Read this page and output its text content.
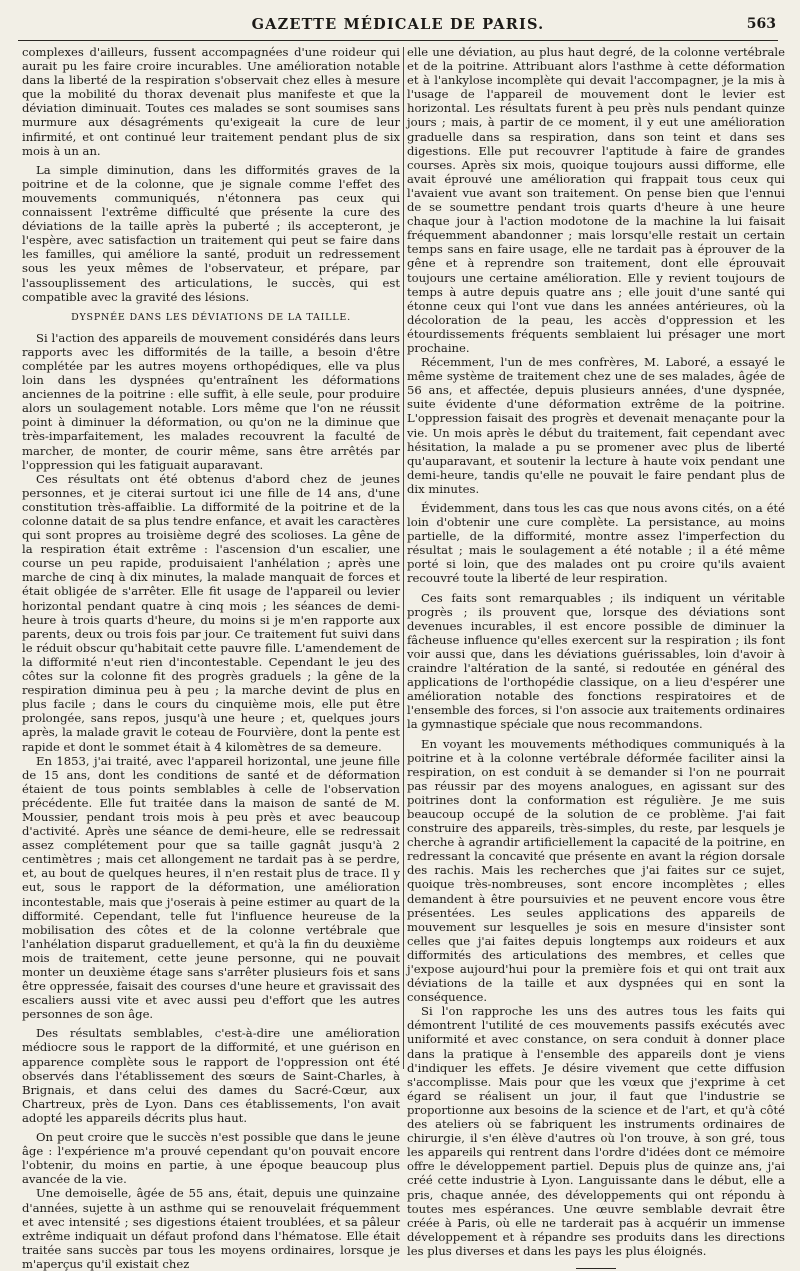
GAZETTE MÉDICALE DE PARIS.	563

complexes d'ailleurs, fussent accompagnées d'une roideur qui aurait pu les faire croire incurables. Une amélioration notable dans la liberté de la respiration s'observait chez elles à mesure que la mobilité du thorax devenait plus manifeste et que la déviation diminuait. Toutes ces malades se sont soumises sans murmure aux désagréments qu'exigeait la cure de leur infirmité, et ont continué leur traitement pendant plus de six mois à un an.

La simple diminution, dans les difformités graves de la poitrine et de la colonne, que je signale comme l'effet des mouvements communiqués, n'étonnera pas ceux qui connaissent l'extrême difficulté que présente la cure des déviations de la taille après la puberté ; ils accepteront, je l'espère, avec satisfaction un traitement qui peut se faire dans les familles, qui améliore la santé, produit un redressement sous les yeux mêmes de l'observateur, et prépare, par l'assouplissement des articulations, le succès, qui est compatible avec la gravité des lésions.

DYSPNÉE DANS LES DÉVIATIONS DE LA TAILLE.

Si l'action des appareils de mouvement considérés dans leurs rapports avec les difformités de la taille, a besoin d'être complétée par les autres moyens orthopédiques, elle va plus loin dans les dyspnées qu'entraînent les déformations anciennes de la poitrine : elle suffit, à elle seule, pour produire alors un soulagement notable. Lors même que l'on ne réussit point à diminuer la déformation, ou qu'on ne la diminue que très-imparfaitement, les malades recouvrent la faculté de marcher, de monter, de courir même, sans être arrêtés par l'oppression qui les fatiguait auparavant.

Ces résultats ont été obtenus d'abord chez de jeunes personnes, et je citerai surtout ici une fille de 14 ans, d'une constitution très-affaiblie. La difformité de la poitrine et de la colonne datait de sa plus tendre enfance, et avait les caractères qui sont propres au troisième degré des scolioses. La gêne de la respiration était extrême : l'ascension d'un escalier, une course un peu rapide, produisaient l'anhélation ; après une marche de cinq à dix minutes, la malade manquait de forces et était obligée de s'arrêter. Elle fit usage de l'appareil ou levier horizontal pendant quatre à cinq mois ; les séances de demi-heure à trois quarts d'heure, du moins si je m'en rapporte aux parents, deux ou trois fois par jour. Ce traitement fut suivi dans le réduit obscur qu'habitait cette pauvre fille. L'amendement de la difformité n'eut rien d'incontestable. Cependant le jeu des côtes sur la colonne fit des progrès graduels ; la gêne de la respiration diminua peu à peu ; la marche devint de plus en plus facile ; dans le cours du cinquième mois, elle put être prolongée, sans repos, jusqu'à une heure ; et, quelques jours après, la malade gravit le coteau de Fourvière, dont la pente est rapide et dont le sommet était à 4 kilomètres de sa demeure.

En 1853, j'ai traité, avec l'appareil horizontal, une jeune fille de 15 ans, dont les conditions de santé et de déformation étaient de tous points semblables à celle de l'observation précédente. Elle fut traitée dans la maison de santé de M. Moussier, pendant trois mois à peu près et avec beaucoup d'activité. Après une séance de demi-heure, elle se redressait assez complétement pour que sa taille gagnât jusqu'à 2 centimètres ; mais cet allongement ne tardait pas à se perdre, et, au bout de quelques heures, il n'en restait plus de trace. Il y eut, sous le rapport de la déformation, une amélioration incontestable, mais que j'oserais à peine estimer au quart de la difformité. Cependant, telle fut l'influence heureuse de la mobilisation des côtes et de la colonne vertébrale que l'anhélation disparut graduellement, et qu'à la fin du deuxième mois de traitement, cette jeune personne, qui ne pouvait monter un deuxième étage sans s'arrêter plusieurs fois et sans être oppressée, faisait des courses d'une heure et gravissait des escaliers aussi vite et avec aussi peu d'effort que les autres personnes de son âge.

Des résultats semblables, c'est-à-dire une amélioration médiocre sous le rapport de la difformité, et une guérison en apparence complète sous le rapport de l'oppression ont été observés dans l'établissement des sœurs de Saint-Charles, à Brignais, et dans celui des dames du Sacré-Cœur, aux Chartreux, près de Lyon. Dans ces établissements, l'on avait adopté les appareils décrits plus haut.

On peut croire que le succès n'est possible que dans le jeune âge : l'expérience m'a prouvé cependant qu'on pouvait encore l'obtenir, du moins en partie, à une époque beaucoup plus avancée de la vie.

Une demoiselle, âgée de 55 ans, était, depuis une quinzaine d'années, sujette à un asthme qui se renouvelait fréquemment et avec intensité ; ses digestions étaient troublées, et sa pâleur extrême indiquait un défaut profond dans l'hématose. Elle était traitée sans succès par tous les moyens ordinaires, lorsque je m'aperçus qu'il existait chez

elle une déviation, au plus haut degré, de la colonne vertébrale et de la poitrine. Attribuant alors l'asthme à cette déformation et à l'ankylose incomplète qui devait l'accompagner, je la mis à l'usage de l'appareil de mouvement dont le levier est horizontal. Les résultats furent à peu près nuls pendant quinze jours ; mais, à partir de ce moment, il y eut une amélioration graduelle dans sa respiration, dans son teint et dans ses digestions. Elle put recouvrer l'aptitude à faire de grandes courses. Après six mois, quoique toujours aussi difforme, elle avait éprouvé une amélioration qui frappait tous ceux qui l'avaient vue avant son traitement. On pense bien que l'ennui de se soumettre pendant trois quarts d'heure à une heure chaque jour à l'action modotone de la machine la lui faisait fréquemment abandonner ; mais lorsqu'elle restait un certain temps sans en faire usage, elle ne tardait pas à éprouver de la gêne et à reprendre son traitement, dont elle éprouvait toujours une certaine amélioration. Elle y revient toujours de temps à autre depuis quatre ans ; elle jouit d'une santé qui étonne ceux qui l'ont vue dans les années antérieures, où la décoloration de la peau, les accès d'oppression et les étourdissements fréquents semblaient lui présager une mort prochaine.

Récemment, l'un de mes confrères, M. Laboré, a essayé le même système de traitement chez une de ses malades, âgée de 56 ans, et affectée, depuis plusieurs années, d'une dyspnée, suite évidente d'une déformation extrême de la poitrine. L'oppression faisait des progrès et devenait menaçante pour la vie. Un mois après le début du traitement, fait cependant avec hésitation, la malade a pu se promener avec plus de liberté qu'auparavant, et soutenir la lecture à haute voix pendant une demi-heure, tandis qu'elle ne pouvait le faire pendant plus de dix minutes.

Évidemment, dans tous les cas que nous avons cités, on a été loin d'obtenir une cure complète. La persistance, au moins partielle, de la difformité, montre assez l'imperfection du résultat ; mais le soulagement a été notable ; il a été même porté si loin, que des malades ont pu croire qu'ils avaient recouvré toute la liberté de leur respiration.

Ces faits sont remarquables ; ils indiquent un véritable progrès ; ils prouvent que, lorsque des déviations sont devenues incurables, il est encore possible de diminuer la fâcheuse influence qu'elles exercent sur la respiration ; ils font voir aussi que, dans les déviations guérissables, loin d'avoir à craindre l'altération de la santé, si redoutée en général des applications de l'orthopédie classique, on a lieu d'espérer une amélioration notable des fonctions respiratoires et de l'ensemble des forces, si l'on associe aux traitements ordinaires la gymnastique spéciale que nous recommandons.

En voyant les mouvements méthodiques communiqués à la poitrine et à la colonne vertébrale déformée faciliter ainsi la respiration, on est conduit à se demander si l'on ne pourrait pas réussir par des moyens analogues, en agissant sur des poitrines dont la conformation est régulière. Je me suis beaucoup occupé de la solution de ce problème. J'ai fait construire des appareils, très-simples, du reste, par lesquels je cherche à agrandir artificiellement la capacité de la poitrine, en redressant la concavité que présente en avant la région dorsale des rachis. Mais les recherches que j'ai faites sur ce sujet, quoique très-nombreuses, sont encore incomplètes ; elles demandent à être poursuivies et ne peuvent encore vous être présentées. Les seules applications des appareils de mouvement sur lesquelles je sois en mesure d'insister sont celles que j'ai faites depuis longtemps aux roideurs et aux difformités des articulations des membres, et celles que j'expose aujourd'hui pour la première fois et qui ont trait aux déviations de la taille et aux dyspnées qui en sont la conséquence.

Si l'on rapproche les uns des autres tous les faits qui démontrent l'utilité de ces mouvements passifs exécutés avec uniformité et avec constance, on sera conduit à donner place dans la pratique à l'ensemble des appareils dont je viens d'indiquer les effets. Je désire vivement que cette diffusion s'accomplisse. Mais pour que les vœux que j'exprime à cet égard se réalisent un jour, il faut que l'industrie se proportionne aux besoins de la science et de l'art, et qu'à côté des ateliers où se fabriquent les instruments ordinaires de chirurgie, il s'en élève d'autres où l'on trouve, à son gré, tous les appareils qui rentrent dans l'ordre d'idées dont ce mémoire offre le développement partiel. Depuis plus de quinze ans, j'ai créé cette industrie à Lyon. Languissante dans le début, elle a pris, chaque année, des développements qui ont répondu à toutes mes espérances. Une œuvre semblable devrait être créée à Paris, où elle ne tarderait pas à acquérir un immense développement et à répandre ses produits dans les directions les plus diverses et dans les pays les plus éloignés.
